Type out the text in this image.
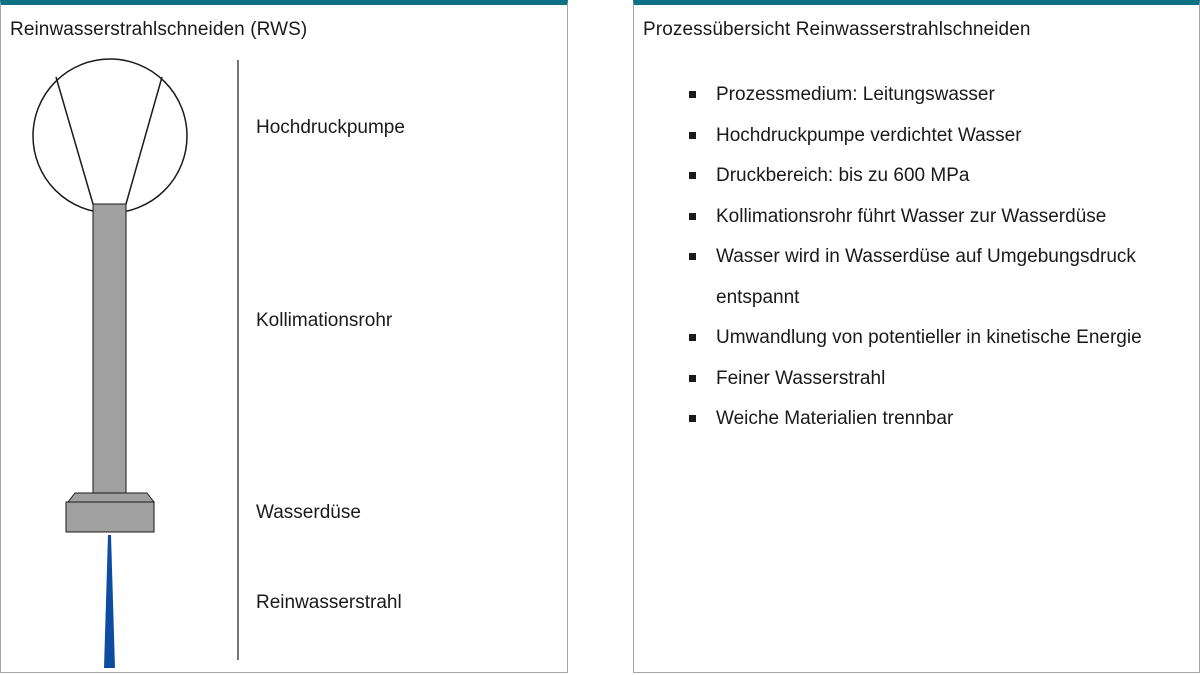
Reinwasserstrahlschneiden (RWS)

Hochdruckpumpe

Kollimationsrohr

Wasserdüse

Reinwasserstrahl

Prozessübersicht Reinwasserstrahlschneiden
Prozessmedium: Leitungswasser
Hochdruckpumpe verdichtet Wasser
Druckbereich: bis zu 600 MPa
Kollimationsrohr führt Wasser zur Wasserdüse
Wasser wird in Wasserdüse auf Umgebungsdruck entspannt
Umwandlung von potentieller in kinetische Energie
Feiner Wasserstrahl
Weiche Materialien trennbar
